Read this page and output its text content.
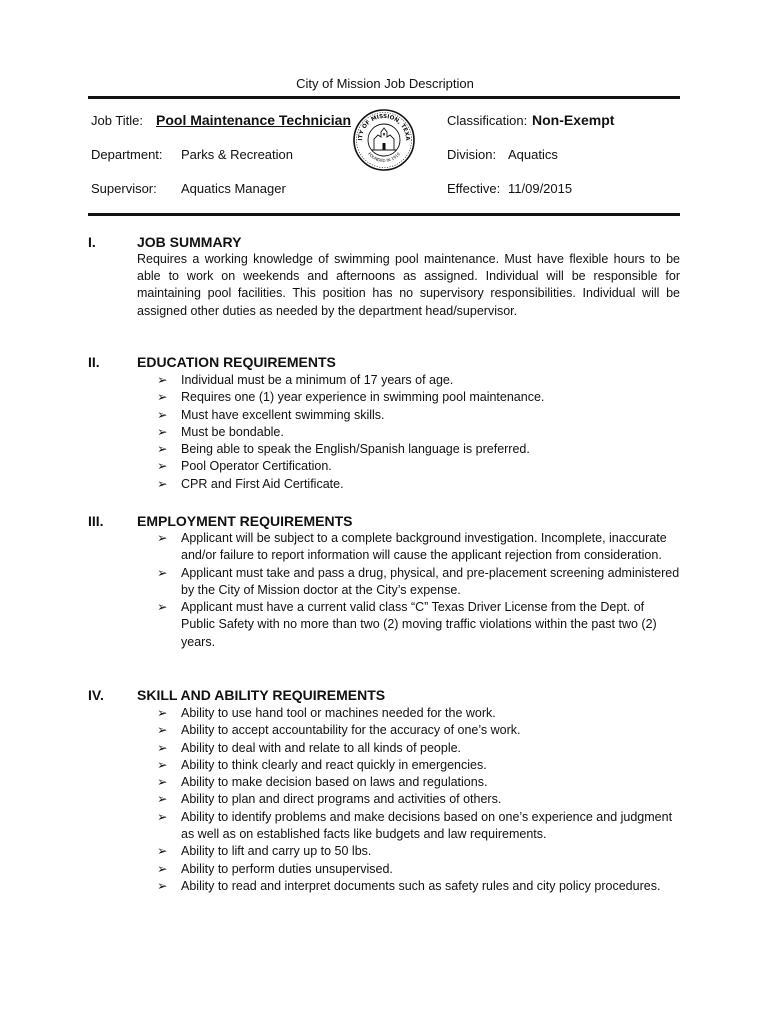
City of Mission Job Description
Job Title: Pool Maintenance Technician	Classification: Non-Exempt
Department: Parks & Recreation	Division: Aquatics
Supervisor: Aquatics Manager	Effective: 11/09/2015
ITY OF MISSION, TEXA
FOUNDED IN 1910
I.	JOB SUMMARY
Requires a working knowledge of swimming pool maintenance. Must have flexible hours to be able to work on weekends and afternoons as assigned. Individual will be responsible for maintaining pool facilities. This position has no supervisory responsibilities. Individual will be assigned other duties as needed by the department head/supervisor.
II.	EDUCATION REQUIREMENTS
➢ Individual must be a minimum of 17 years of age.
➢ Requires one (1) year experience in swimming pool maintenance.
➢ Must have excellent swimming skills.
➢ Must be bondable.
➢ Being able to speak the English/Spanish language is preferred.
➢ Pool Operator Certification.
➢ CPR and First Aid Certificate.
III. EMPLOYMENT REQUIREMENTS
➢ Applicant will be subject to a complete background investigation. Incomplete, inaccurate and/or failure to report information will cause the applicant rejection from consideration.
➢ Applicant must take and pass a drug, physical, and pre-placement screening administered by the City of Mission doctor at the City’s expense.
➢ Applicant must have a current valid class “C” Texas Driver License from the Dept. of Public Safety with no more than two (2) moving traffic violations within the past two (2) years.
IV. SKILL AND ABILITY REQUIREMENTS
➢ Ability to use hand tool or machines needed for the work.
➢ Ability to accept accountability for the accuracy of one’s work.
➢ Ability to deal with and relate to all kinds of people.
➢ Ability to think clearly and react quickly in emergencies.
➢ Ability to make decision based on laws and regulations.
➢ Ability to plan and direct programs and activities of others.
➢ Ability to identify problems and make decisions based on one’s experience and judgment as well as on established facts like budgets and law requirements.
➢ Ability to lift and carry up to 50 lbs.
➢ Ability to perform duties unsupervised.
➢ Ability to read and interpret documents such as safety rules and city policy procedures.
